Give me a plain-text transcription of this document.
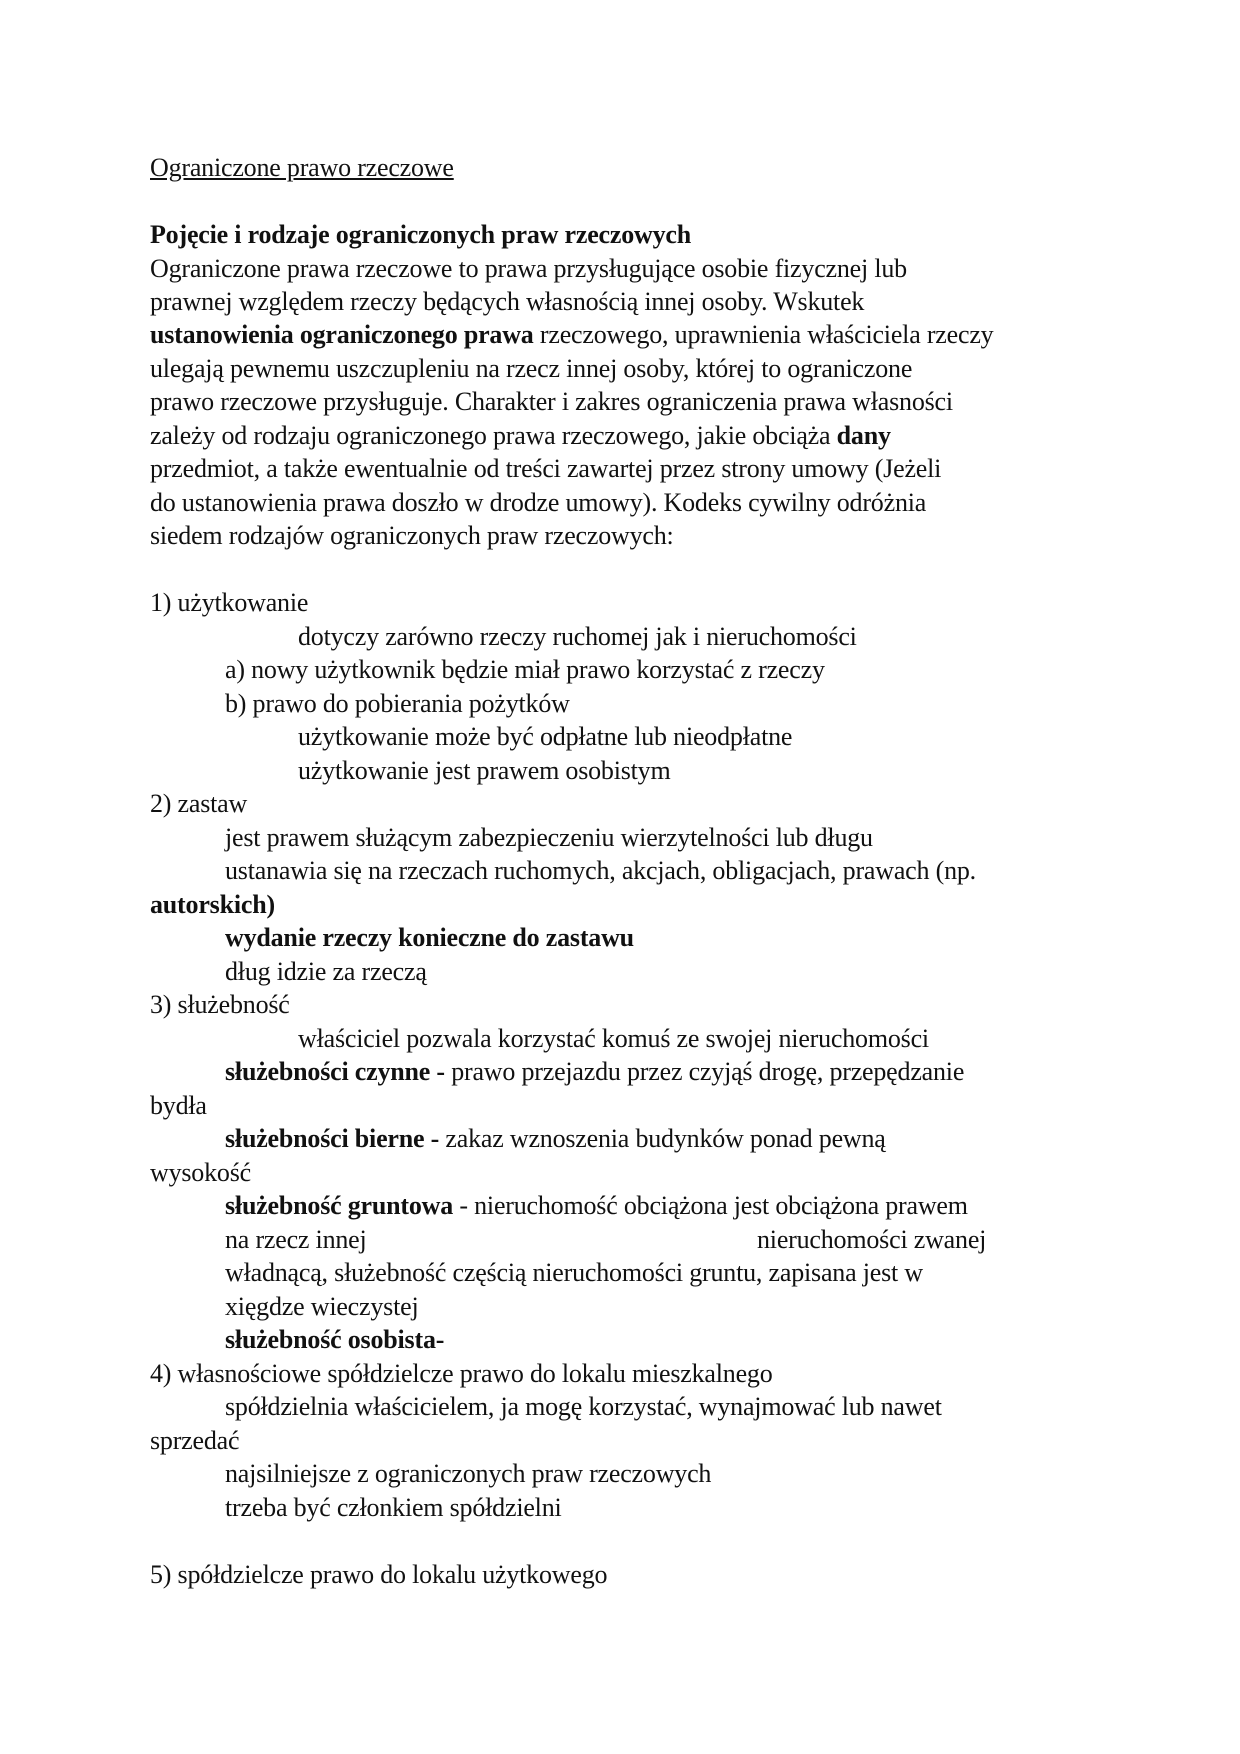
Ograniczone prawo rzeczowe
Pojęcie i rodzaje ograniczonych praw rzeczowych
Ograniczone prawa rzeczowe to prawa przysługujące osobie fizycznej lub
prawnej względem rzeczy będących własnością innej osoby. Wskutek
ustanowienia ograniczonego prawa rzeczowego, uprawnienia właściciela rzeczy
ulegają pewnemu uszczupleniu na rzecz innej osoby, której to ograniczone
prawo rzeczowe przysługuje. Charakter i zakres ograniczenia prawa własności
zależy od rodzaju ograniczonego prawa rzeczowego, jakie obciąża dany
przedmiot, a także ewentualnie od treści zawartej przez strony umowy (Jeżeli
do ustanowienia prawa doszło w drodze umowy). Kodeks cywilny odróżnia
siedem rodzajów ograniczonych praw rzeczowych:
1) użytkowanie
dotyczy zarówno rzeczy ruchomej jak i nieruchomości
a) nowy użytkownik będzie miał prawo korzystać z rzeczy
b) prawo do pobierania pożytków
użytkowanie może być odpłatne lub nieodpłatne
użytkowanie jest prawem osobistym
2) zastaw
jest prawem służącym zabezpieczeniu wierzytelności lub długu
ustanawia się na rzeczach ruchomych, akcjach, obligacjach, prawach (np.
autorskich)
wydanie rzeczy konieczne do zastawu
dług idzie za rzeczą
3) służebność
właściciel pozwala korzystać komuś ze swojej nieruchomości
służebności czynne - prawo przejazdu przez czyjąś drogę, przepędzanie
bydła
służebności bierne - zakaz wznoszenia budynków ponad pewną
wysokość
służebność gruntowa - nieruchomość obciążona jest obciążona prawem
na rzecz innej	nieruchomości zwanej
władnącą, służebność częścią nieruchomości gruntu, zapisana jest w
xięgdze wieczystej
służebność osobista-
4) własnościowe spółdzielcze prawo do lokalu mieszkalnego
spółdzielnia właścicielem, ja mogę korzystać, wynajmować lub nawet
sprzedać
najsilniejsze z ograniczonych praw rzeczowych
trzeba być członkiem spółdzielni
5) spółdzielcze prawo do lokalu użytkowego
